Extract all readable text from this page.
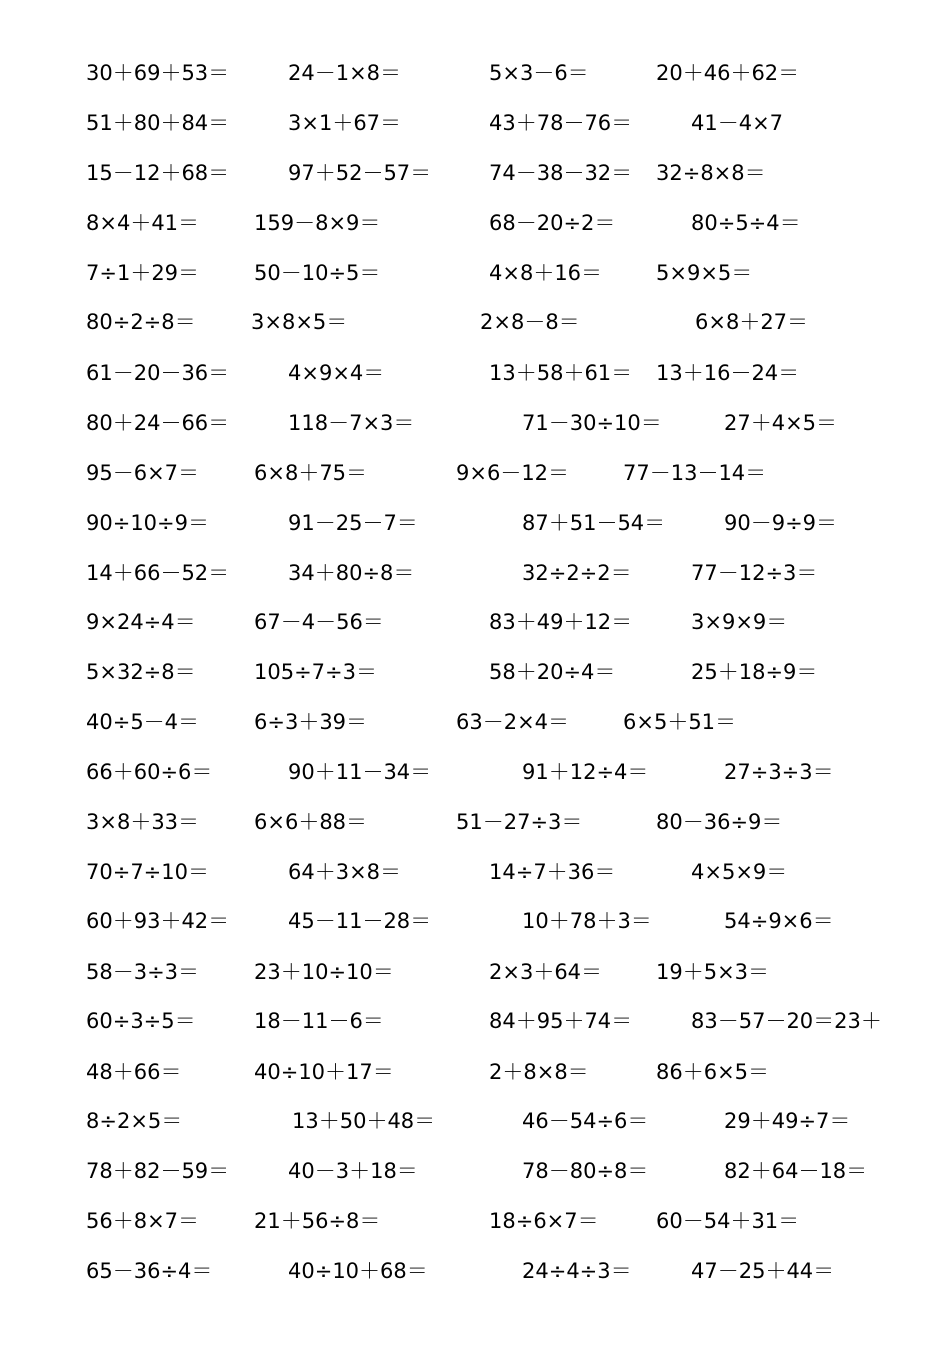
30＋69＋53＝	24－1×8＝	5×3－6＝	20＋46＋62＝
51＋80＋84＝	3×1＋67＝	43＋78－76＝	41－4×7
15－12＋68＝	97＋52－57＝	74－38－32＝ 32÷8×8＝
8×4＋41＝	159－8×9＝	68－20÷2＝	80÷5÷4＝
7÷1＋29＝	50－10÷5＝	4×8＋16＝	5×9×5＝
80÷2÷8＝	3×8×5＝	2×8－8＝	6×8＋27＝
61－20－36＝	4×9×4＝	13＋58＋61＝ 13＋16－24＝
80＋24－66＝	118－7×3＝	71－30÷10＝	27＋4×5＝
95－6×7＝	6×8＋75＝	9×6－12＝	77－13－14＝
90÷10÷9＝	91－25－7＝	87＋51－54＝	90－9÷9＝
14＋66－52＝	34＋80÷8＝	32÷2÷2＝	77－12÷3＝
9×24÷4＝	67－4－56＝	83＋49＋12＝	3×9×9＝
5×32÷8＝	105÷7÷3＝	58＋20÷4＝	25＋18÷9＝
40÷5－4＝	6÷3＋39＝	63－2×4＝	6×5＋51＝
66＋60÷6＝	90＋11－34＝	91＋12÷4＝	27÷3÷3＝
3×8＋33＝	6×6＋88＝	51－27÷3＝	80－36÷9＝
70÷7÷10＝	64＋3×8＝	14÷7＋36＝	4×5×9＝
60＋93＋42＝	45－11－28＝	10＋78＋3＝	54÷9×6＝
58－3÷3＝	23＋10÷10＝	2×3＋64＝	19＋5×3＝
60÷3÷5＝	18－11－6＝	84＋95＋74＝	83－57－20＝23＋
48＋66＝	40÷10＋17＝	2＋8×8＝	86＋6×5＝
8÷2×5＝	13＋50＋48＝	46－54÷6＝	29＋49÷7＝
78＋82－59＝	40－3＋18＝	78－80÷8＝	82＋64－18＝
56＋8×7＝	21＋56÷8＝	18÷6×7＝	60－54＋31＝
65－36÷4＝	40÷10＋68＝	24÷4÷3＝	47－25＋44＝
